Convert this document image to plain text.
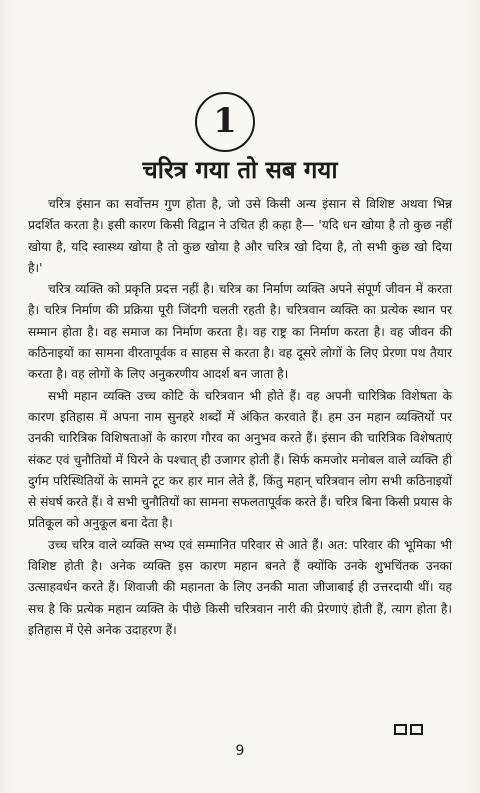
1
चरित्र गया तो सब गया

चरित्र इंसान का सर्वोत्तम गुण होता है, जो उसे किसी अन्य इंसान से विशिष्ट अथवा भिन्न प्रदर्शित करता है। इसी कारण किसी विद्वान ने उचित ही कहा है— 'यदि धन खोया है तो कुछ नहीं खोया है, यदि स्वास्थ्य खोया है तो कुछ खोया है और चरित्र खो दिया है, तो सभी कुछ खो दिया है।'

चरित्र व्यक्ति को प्रकृति प्रदत्त नहीं है। चरित्र का निर्माण व्यक्ति अपने संपूर्ण जीवन में करता है। चरित्र निर्माण की प्रक्रिया पूरी जिंदगी चलती रहती है। चरित्रवान व्यक्ति का प्रत्येक स्थान पर सम्मान होता है। वह समाज का निर्माण करता है। वह राष्ट्र का निर्माण करता है। वह जीवन की कठिनाइयों का सामना वीरतापूर्वक व साहस से करता है। वह दूसरे लोगों के लिए प्रेरणा पथ तैयार करता है। वह लोगों के लिए अनुकरणीय आदर्श बन जाता है।

सभी महान व्यक्ति उच्च कोटि के चरित्रवान भी होते हैं। वह अपनी चारित्रिक विशेषता के कारण इतिहास में अपना नाम सुनहरे शब्दों में अंकित करवाते हैं। हम उन महान व्यक्तियों पर उनकी चारित्रिक विशिषताओं के कारण गौरव का अनुभव करते हैं। इंसान की चारित्रिक विशेषताएं संकट एवं चुनौतियों में घिरने के पश्चात् ही उजागर होती हैं। सिर्फ कमजोर मनोबल वाले व्यक्ति ही दुर्गम परिस्थितियों के सामने टूट कर हार मान लेते हैं, किंतु महान् चरित्रवान लोग सभी कठिनाइयों से संघर्ष करते हैं। वे सभी चुनौतियों का सामना सफलतापूर्वक करते हैं। चरित्र बिना किसी प्रयास के प्रतिकूल को अनुकूल बना देता है।

उच्च चरित्र वाले व्यक्ति सभ्य एवं सम्मानित परिवार से आते हैं। अत: परिवार की भूमिका भी विशिष्ट होती है। अनेक व्यक्ति इस कारण महान बनते हैं क्योंकि उनके शुभचिंतक उनका उत्साहवर्धन करते हैं। शिवाजी की महानता के लिए उनकी माता जीजाबाई ही उत्तरदायी थीं। यह सच है कि प्रत्येक महान व्यक्ति के पीछे किसी चरित्रवान नारी की प्रेरणाएं होती हैं, त्याग होता है। इतिहास में ऐसे अनेक उदाहरण हैं।

9
